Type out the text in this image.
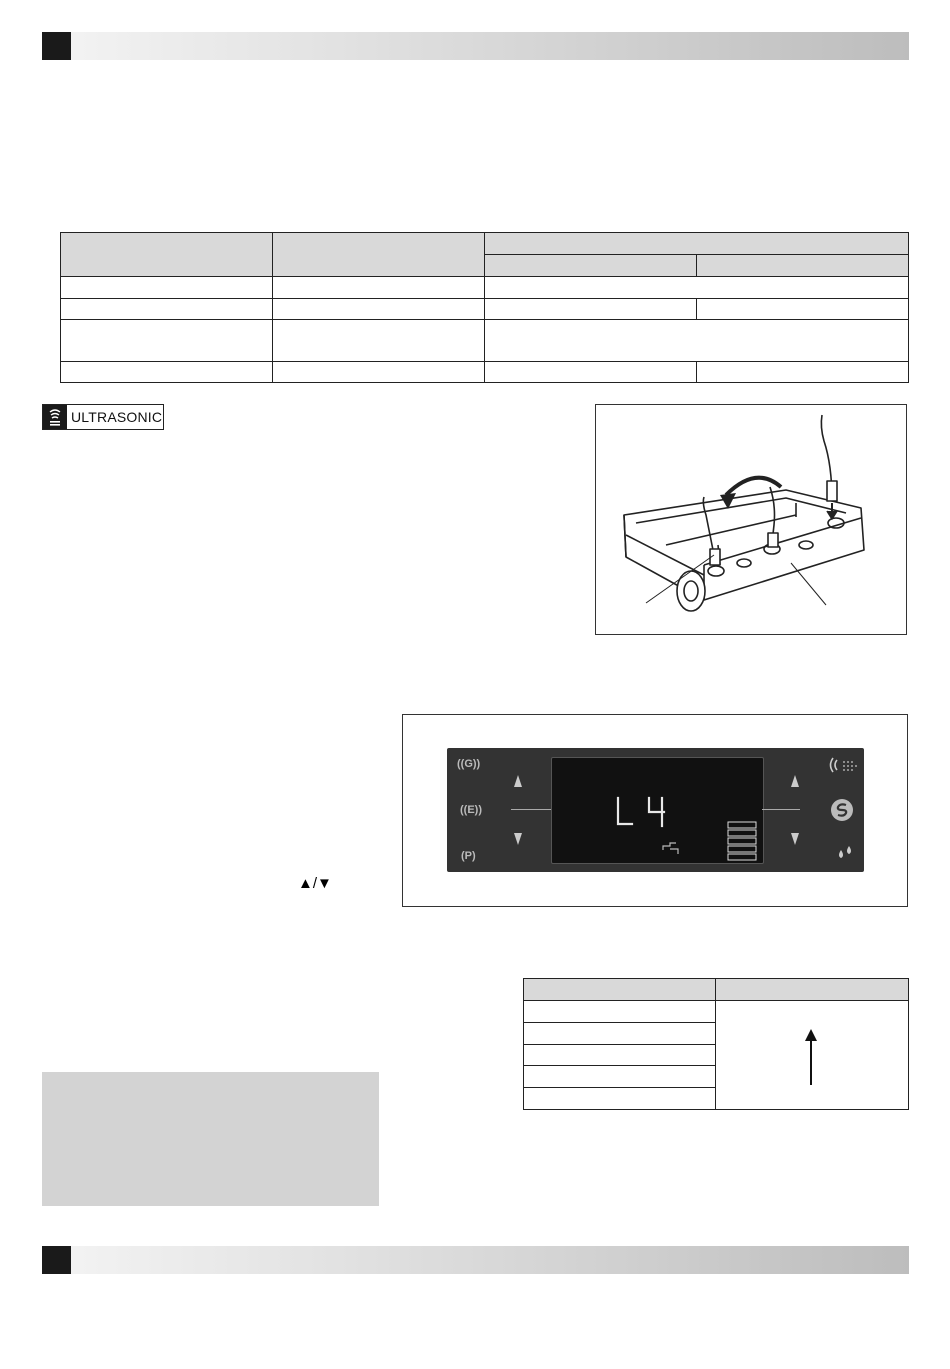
ULTRASONIC
((G))
((E))
(P)
▲/▼
